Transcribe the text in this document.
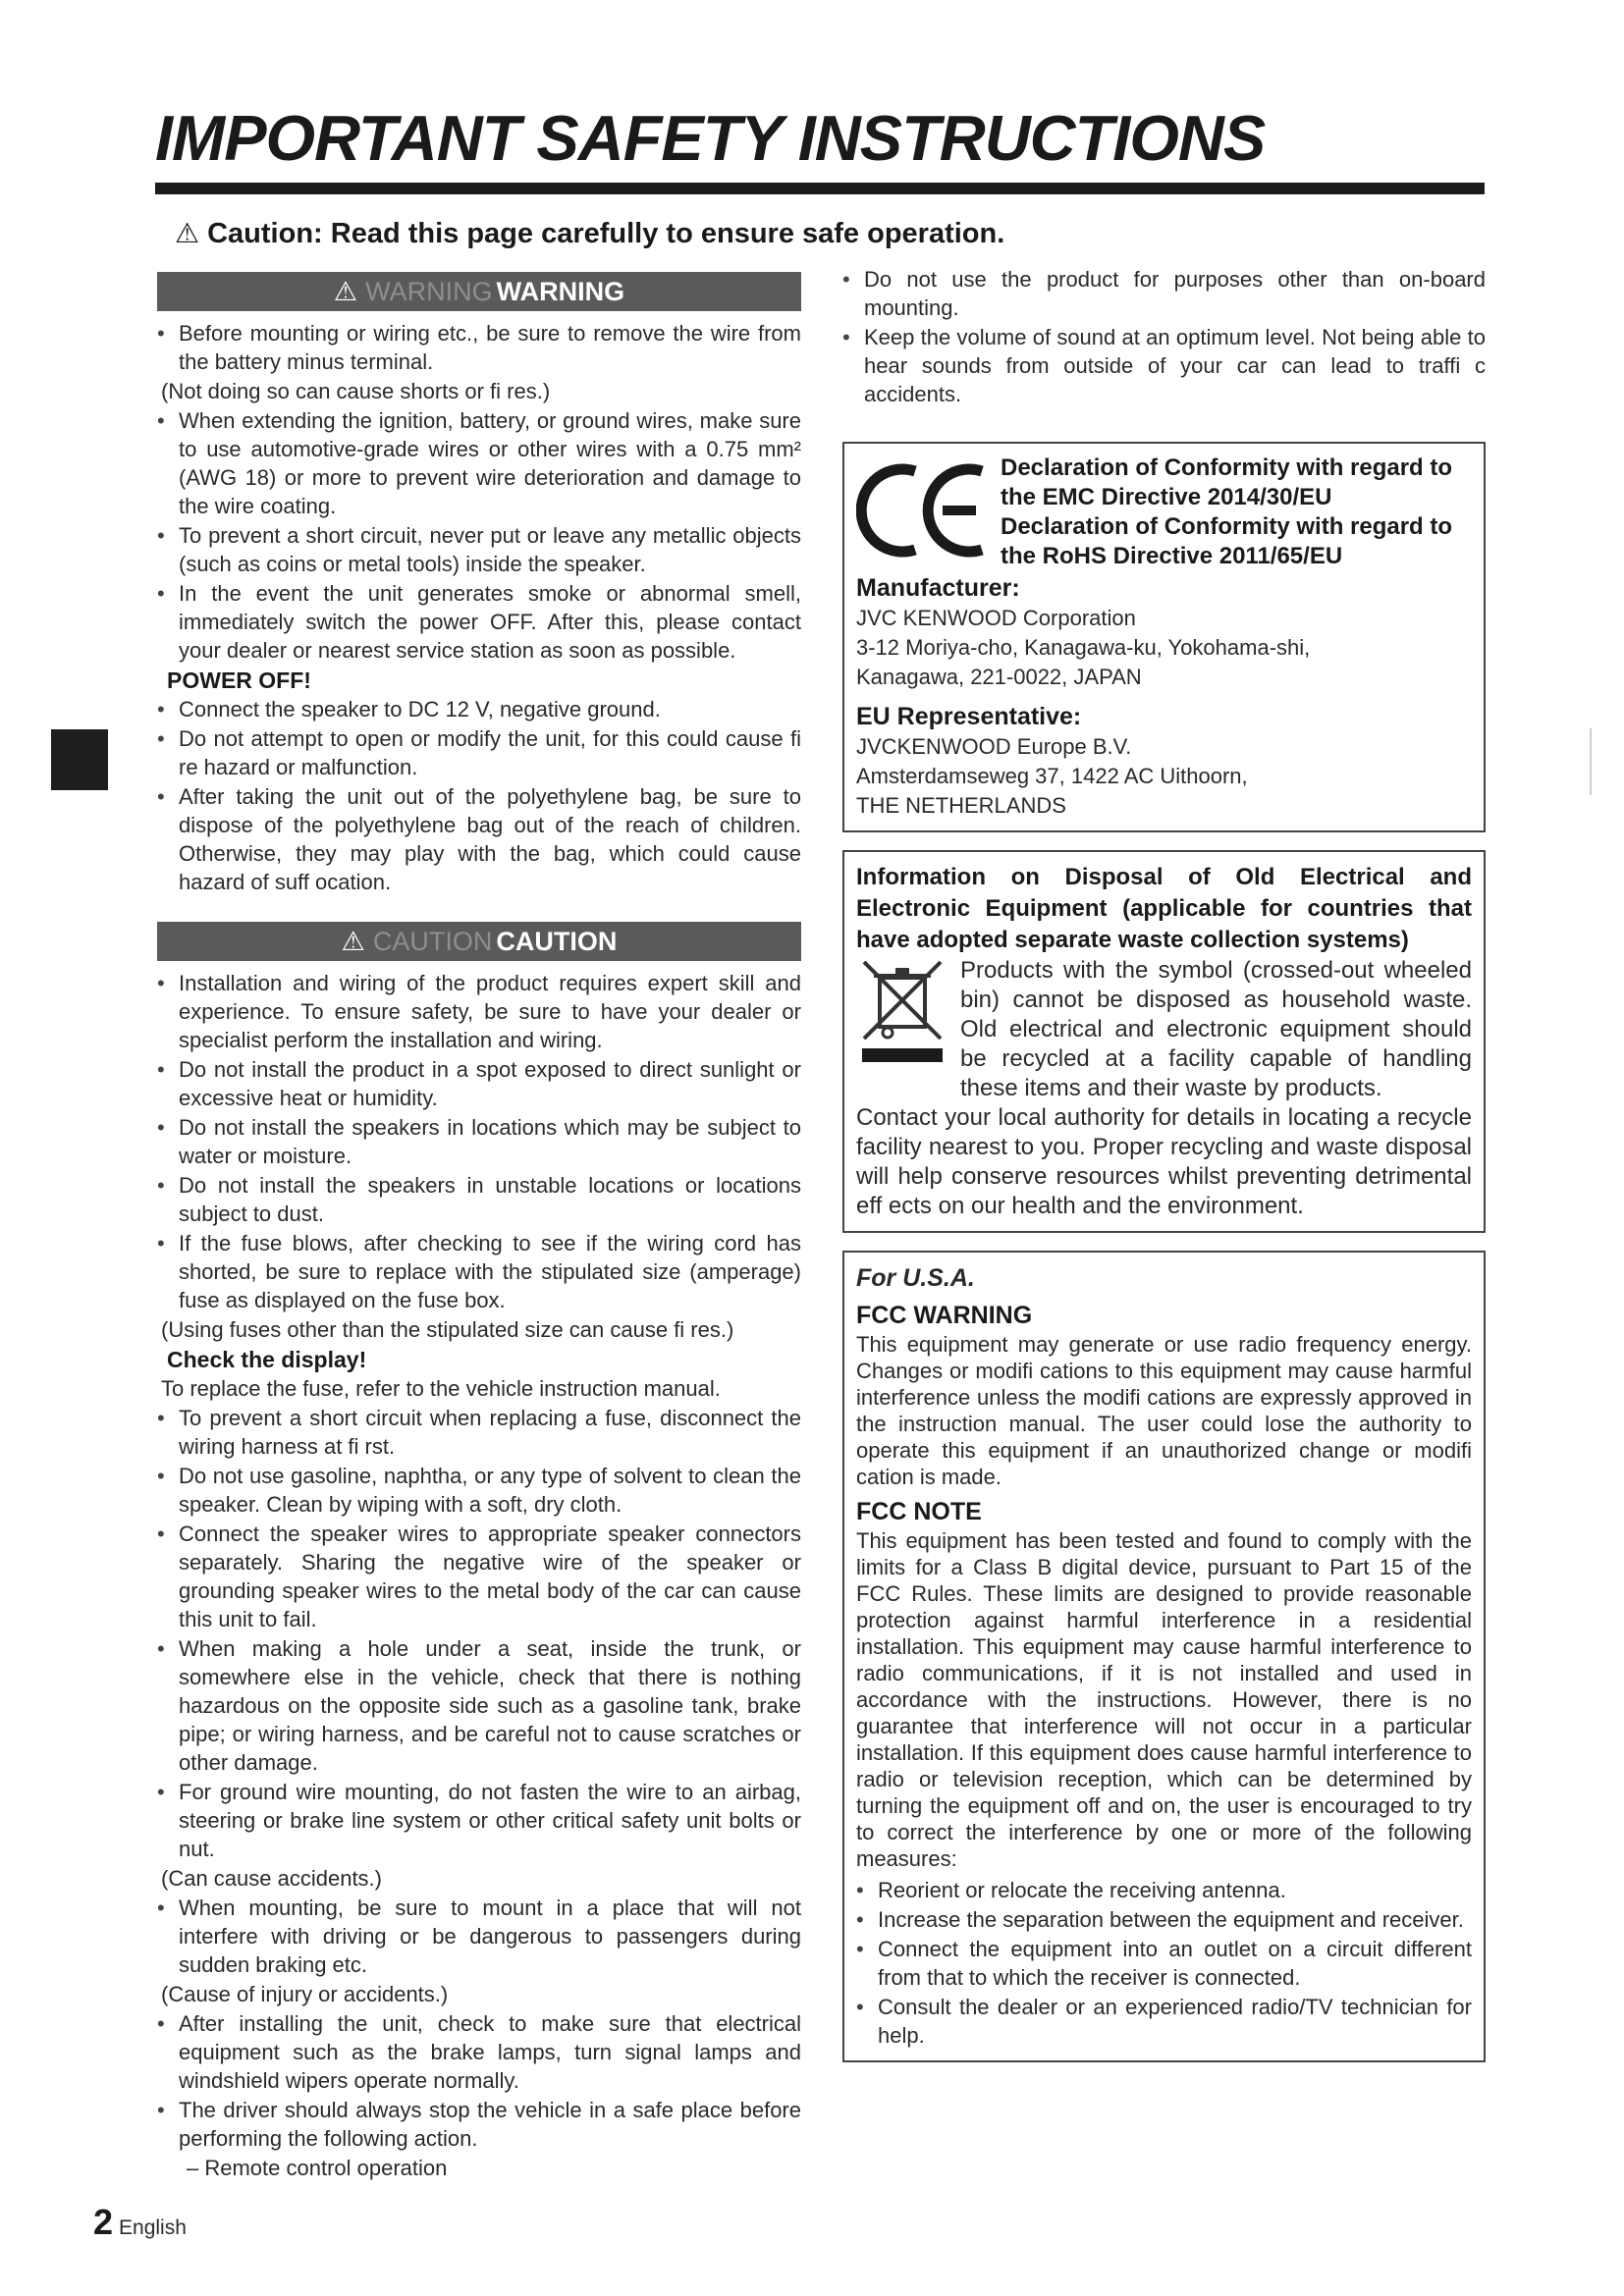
IMPORTANT SAFETY INSTRUCTIONS
⚠ Caution: Read this page carefully to ensure safe operation.
⚠ WARNING WARNING
• Before mounting or wiring etc., be sure to remove the wire from the battery minus terminal.
(Not doing so can cause shorts or fi res.)
• When extending the ignition, battery, or ground wires, make sure to use automotive-grade wires or other wires with a 0.75 mm² (AWG 18) or more to prevent wire deterioration and damage to the wire coating.
• To prevent a short circuit, never put or leave any metallic objects (such as coins or metal tools) inside the speaker.
• In the event the unit generates smoke or abnormal smell, immediately switch the power OFF. After this, please contact your dealer or nearest service station as soon as possible.
POWER OFF!
• Connect the speaker to DC 12 V, negative ground.
• Do not attempt to open or modify the unit, for this could cause fi re hazard or malfunction.
• After taking the unit out of the polyethylene bag, be sure to dispose of the polyethylene bag out of the reach of children. Otherwise, they may play with the bag, which could cause hazard of suff ocation.
⚠ CAUTION CAUTION
• Installation and wiring of the product requires expert skill and experience. To ensure safety, be sure to have your dealer or specialist perform the installation and wiring.
• Do not install the product in a spot exposed to direct sunlight or excessive heat or humidity.
• Do not install the speakers in locations which may be subject to water or moisture.
• Do not install the speakers in unstable locations or locations subject to dust.
• If the fuse blows, after checking to see if the wiring cord has shorted, be sure to replace with the stipulated size (amperage) fuse as displayed on the fuse box.
(Using fuses other than the stipulated size can cause fi res.)
Check the display!
To replace the fuse, refer to the vehicle instruction manual.
• To prevent a short circuit when replacing a fuse, disconnect the wiring harness at fi rst.
• Do not use gasoline, naphtha, or any type of solvent to clean the speaker. Clean by wiping with a soft, dry cloth.
• Connect the speaker wires to appropriate speaker connectors separately. Sharing the negative wire of the speaker or grounding speaker wires to the metal body of the car can cause this unit to fail.
• When making a hole under a seat, inside the trunk, or somewhere else in the vehicle, check that there is nothing hazardous on the opposite side such as a gasoline tank, brake pipe; or wiring harness, and be careful not to cause scratches or other damage.
• For ground wire mounting, do not fasten the wire to an airbag, steering or brake line system or other critical safety unit bolts or nut.
(Can cause accidents.)
• When mounting, be sure to mount in a place that will not interfere with driving or be dangerous to passengers during sudden braking etc.
(Cause of injury or accidents.)
• After installing the unit, check to make sure that electrical equipment such as the brake lamps, turn signal lamps and windshield wipers operate normally.
• The driver should always stop the vehicle in a safe place before performing the following action.
– Remote control operation
• Do not use the product for purposes other than on-board mounting.
• Keep the volume of sound at an optimum level. Not being able to hear sounds from outside of your car can lead to traffi c accidents.
Declaration of Conformity with regard to the EMC Directive 2014/30/EU
Declaration of Conformity with regard to the RoHS Directive 2011/65/EU
Manufacturer:

JVC KENWOOD Corporation

3-12 Moriya-cho, Kanagawa-ku, Yokohama-shi,

Kanagawa, 221-0022, JAPAN

EU Representative:

JVCKENWOOD Europe B.V.

Amsterdamseweg 37, 1422 AC Uithoorn,

THE NETHERLANDS

Information on Disposal of Old Electrical and Electronic Equipment (applicable for countries that have adopted separate waste collection systems)
Products with the symbol (crossed-out wheeled bin) cannot be disposed as household waste. Old electrical and electronic equipment should be recycled at a facility capable of handling these items and their waste by products.

Contact your local authority for details in locating a recycle facility nearest to you. Proper recycling and waste disposal will help conserve resources whilst preventing detrimental eff ects on our health and the environment.

For U.S.A.
FCC WARNING

This equipment may generate or use radio frequency energy. Changes or modifi cations to this equipment may cause harmful interference unless the modifi cations are expressly approved in the instruction manual. The user could lose the authority to operate this equipment if an unauthorized change or modifi cation is made.

FCC NOTE

This equipment has been tested and found to comply with the limits for a Class B digital device, pursuant to Part 15 of the FCC Rules. These limits are designed to provide reasonable protection against harmful interference in a residential installation. This equipment may cause harmful interference to radio communications, if it is not installed and used in accordance with the instructions. However, there is no guarantee that interference will not occur in a particular installation. If this equipment does cause harmful interference to radio or television reception, which can be determined by turning the equipment off and on, the user is encouraged to try to correct the interference by one or more of the following measures:

• Reorient or relocate the receiving antenna.
• Increase the separation between the equipment and receiver.
• Connect the equipment into an outlet on a circuit different from that to which the receiver is connected.
• Consult the dealer or an experienced radio/TV technician for help.
2 English
